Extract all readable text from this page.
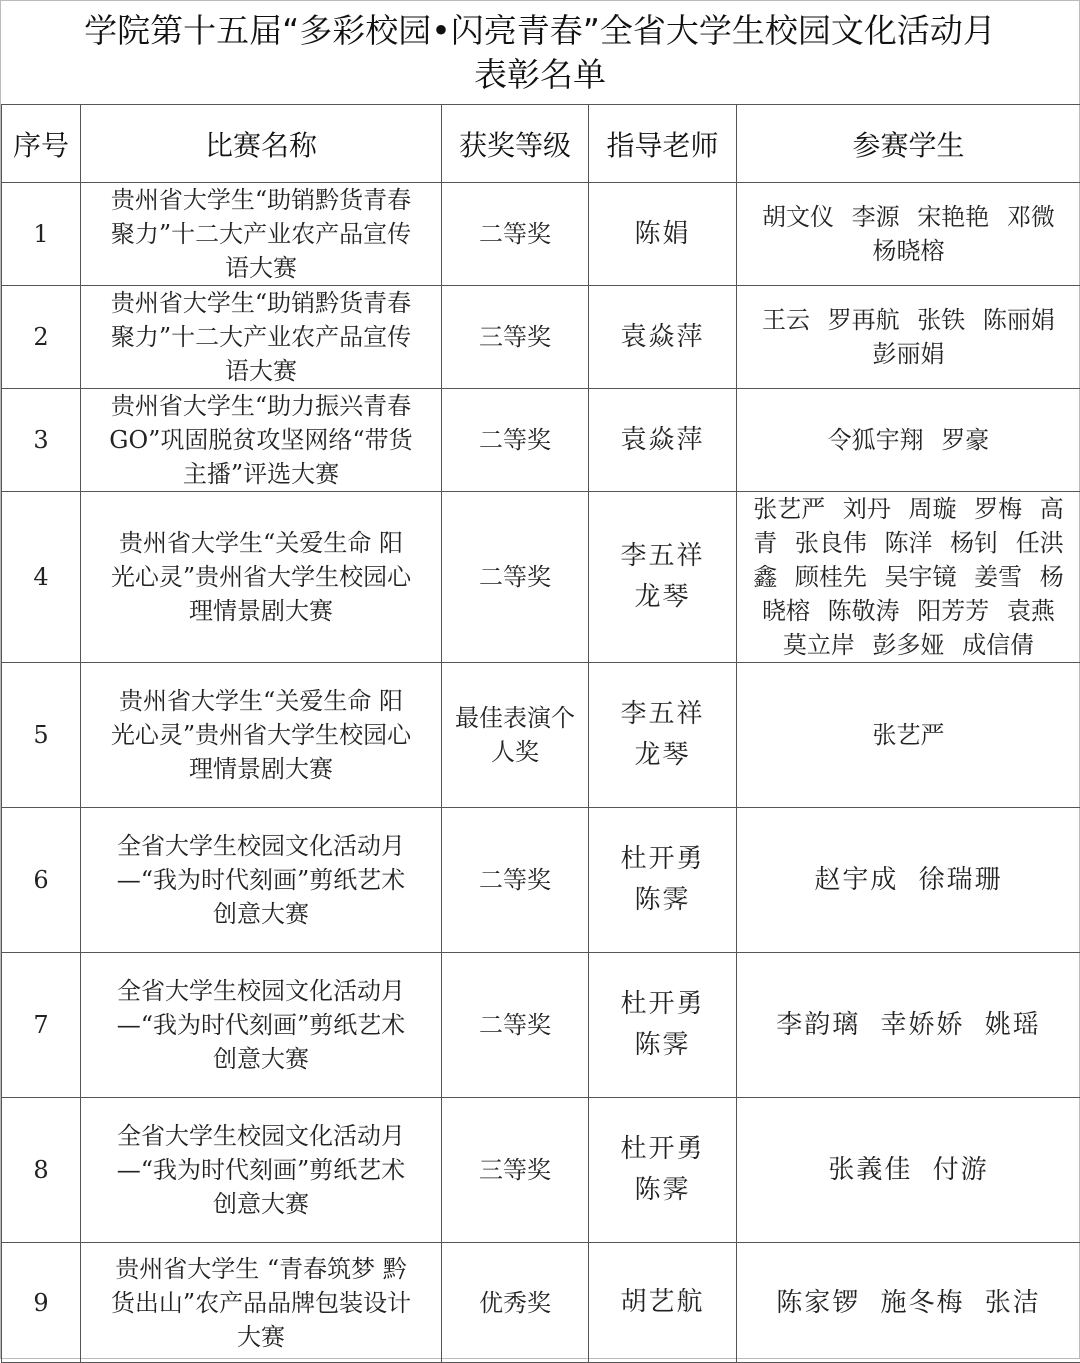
学院第十五届“多彩校园•闪亮青春”全省大学生校园文化活动月
表彰名单
序号	比赛名称	获奖等级	指导老师	参赛学生
1	贵州省大学生“助销黔货青春
聚力”十二大产业农产品宣传
语大赛	二等奖	陈娟	胡文仪 李源 宋艳艳 邓微
杨晓榕

2	贵州省大学生“助销黔货青春
聚力”十二大产业农产品宣传
语大赛	三等奖	袁焱萍	王云 罗再航 张铁 陈丽娟
彭丽娟

3	贵州省大学生“助力振兴青春
GO”巩固脱贫攻坚网络“带货
主播”评选大赛	二等奖	袁焱萍	令狐宇翔 罗豪

4	贵州省大学生“关爱生命 阳
光心灵”贵州省大学生校园心
理情景剧大赛	二等奖	李五祥
龙琴	张艺严 刘丹 周璇 罗梅 高
青 张良伟 陈洋 杨钊 任洪
鑫 顾桂先 吴宇镜 姜雪 杨
晓榕 陈敬涛 阳芳芳 袁燕
莫立岸 彭多娅 成信倩

5	贵州省大学生“关爱生命 阳
光心灵”贵州省大学生校园心
理情景剧大赛	最佳表演个
人奖	李五祥
龙琴	张艺严

6	全省大学生校园文化活动月
—“我为时代刻画”剪纸艺术
创意大赛	二等奖	杜开勇
陈霁	赵宇成 徐瑞珊

7	全省大学生校园文化活动月
—“我为时代刻画”剪纸艺术
创意大赛	二等奖	杜开勇
陈霁	李韵璃 幸娇娇 姚瑶

8	全省大学生校园文化活动月
—“我为时代刻画”剪纸艺术
创意大赛	三等奖	杜开勇
陈霁	张義佳 付游

9	贵州省大学生 “青春筑梦 黔
货出山”农产品品牌包装设计
大赛	优秀奖	胡艺航	陈家锣 施冬梅 张洁
